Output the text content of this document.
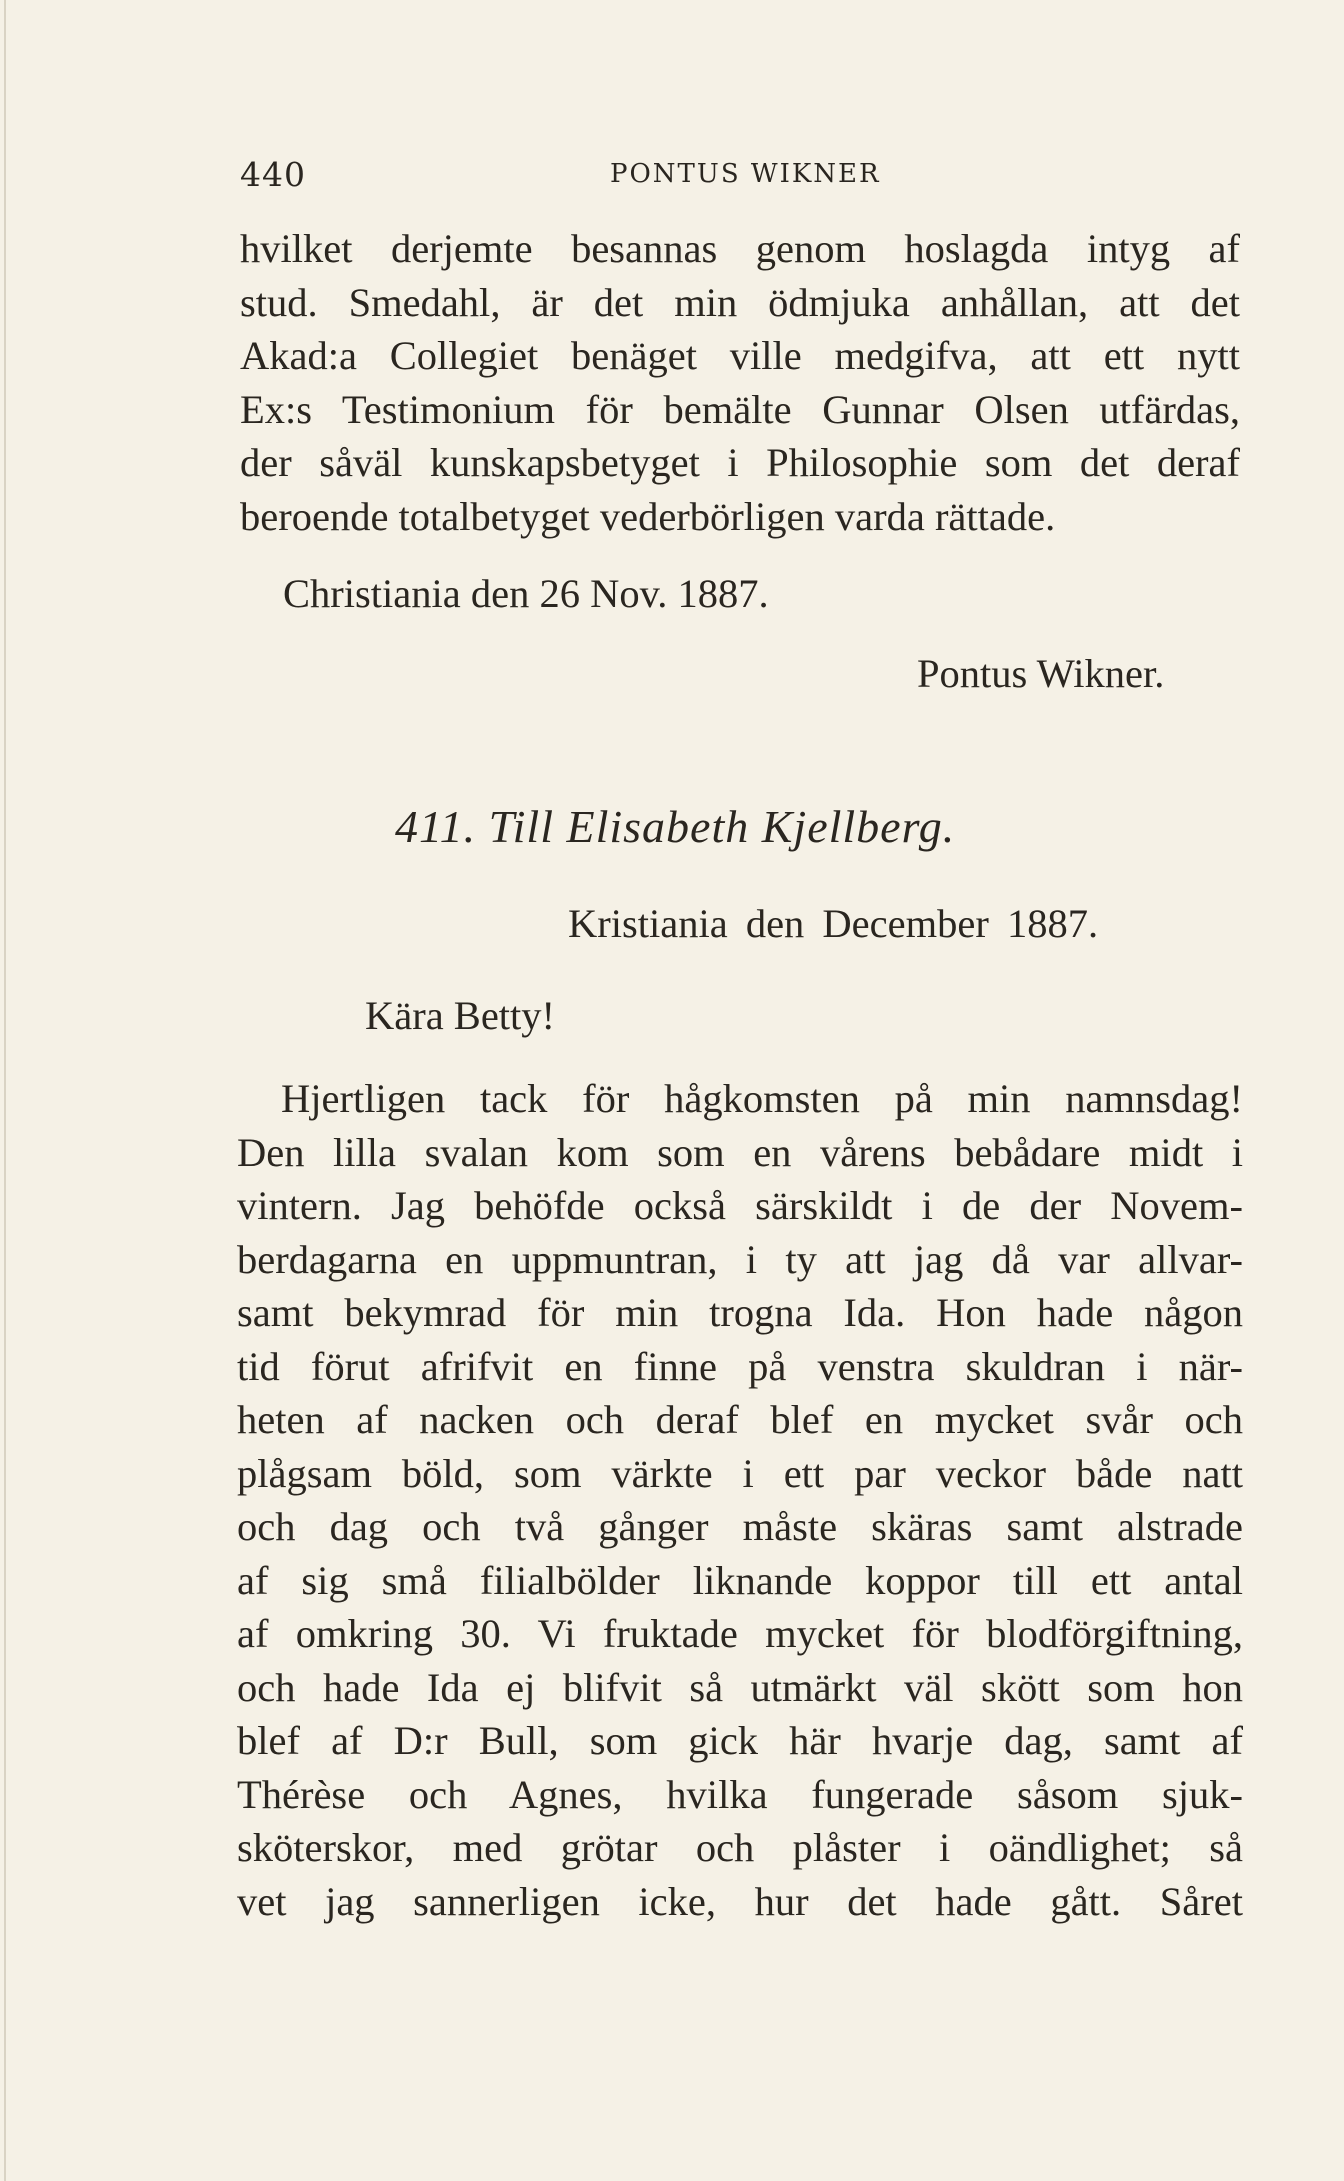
440	PONTUS WIKNER
hvilket derjemte besannas genom hoslagda intyg af
stud. Smedahl, är det min ödmjuka anhållan, att det
Akad:a Collegiet benäget ville medgifva, att ett nytt
Ex:s Testimonium för bemälte Gunnar Olsen utfärdas,
der såväl kunskapsbetyget i Philosophie som det deraf
beroende totalbetyget vederbörligen varda rättade.
Christiania den 26 Nov. 1887.
Pontus Wikner.
411. Till Elisabeth Kjellberg.
Kristiania den December 1887.
Kära Betty!
Hjertligen tack för hågkomsten på min namnsdag!
Den lilla svalan kom som en vårens bebådare midt i
vintern. Jag behöfde också särskildt i de der Novem-
berdagarna en uppmuntran, i ty att jag då var allvar-
samt bekymrad för min trogna Ida. Hon hade någon
tid förut afrifvit en finne på venstra skuldran i när-
heten af nacken och deraf blef en mycket svår och
plågsam böld, som värkte i ett par veckor både natt
och dag och två gånger måste skäras samt alstrade
af sig små filialbölder liknande koppor till ett antal
af omkring 30. Vi fruktade mycket för blodförgiftning,
och hade Ida ej blifvit så utmärkt väl skött som hon
blef af D:r Bull, som gick här hvarje dag, samt af
Thérèse och Agnes, hvilka fungerade såsom sjuk-
sköterskor, med grötar och plåster i oändlighet; så
vet jag sannerligen icke, hur det hade gått. Såret
